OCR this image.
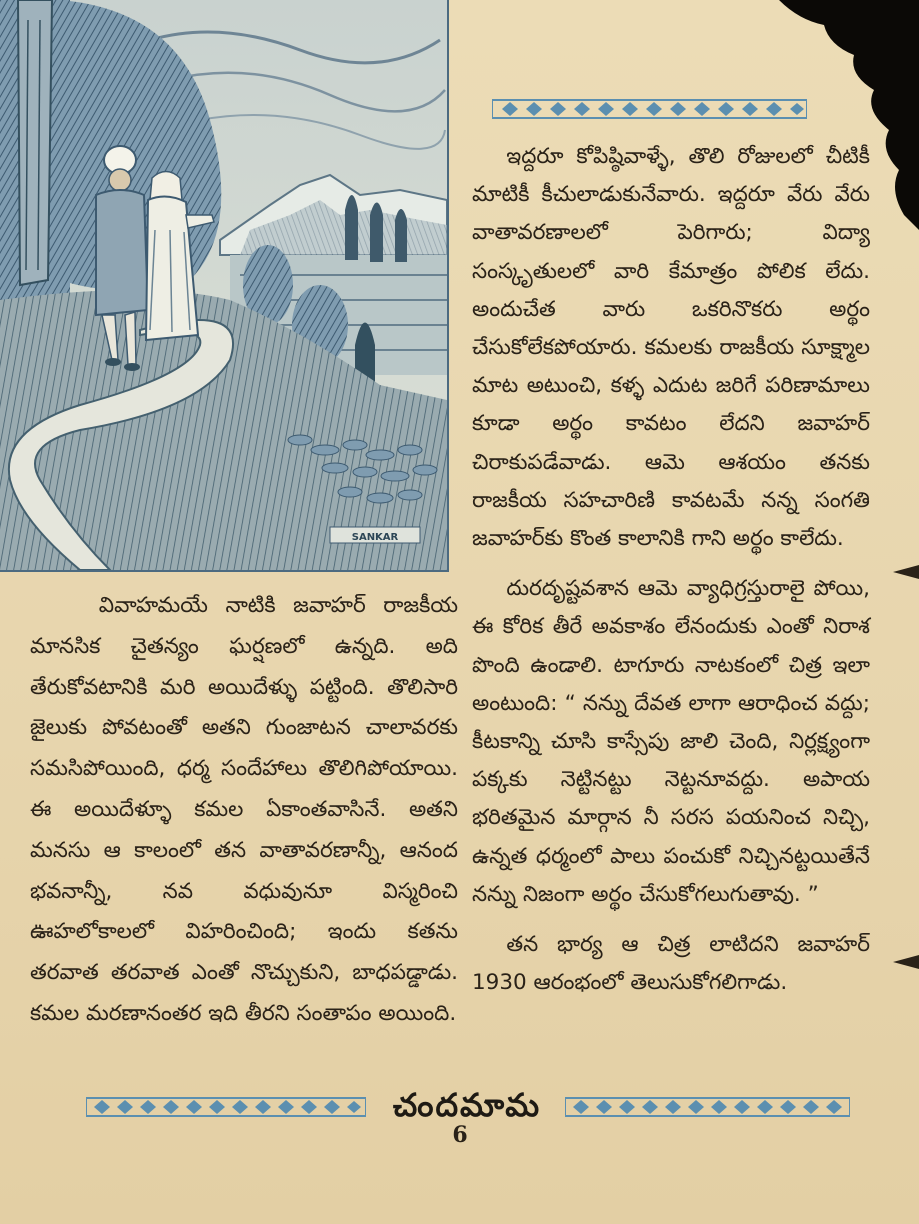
SANKAR

ఇద్దరూ కోపిష్ఠివాళ్ళే, తొలి రోజులలో చీటికీ మాటికీ కీచులాడుకునేవారు. ఇద్దరూ వేరు వేరు వాతావరణాలలో పెరిగారు; విద్యా సంస్కృతులలో వారి కేమాత్రం పోలిక లేదు. అందుచేత వారు ఒకరినొకరు అర్థం చేసుకోలేకపోయారు. కమలకు రాజకీయ సూక్ష్మాల మాట అటుంచి, కళ్ళ ఎదుట జరిగే పరిణామాలు కూడా అర్థం కావటం లేదని జవాహర్ చిరాకుపడేవాడు. ఆమె ఆశయం తనకు రాజకీయ సహచారిణి కావటమే నన్న సంగతి జవాహర్‌కు కొంత కాలానికి గాని అర్థం కాలేదు.

దురదృష్టవశాన ఆమె వ్యాధిగ్రస్తురాలై పోయి, ఈ కోరిక తీరే అవకాశం లేనందుకు ఎంతో నిరాశ పొంది ఉండాలి. టాగూరు నాటకంలో చిత్ర ఇలా అంటుంది: “ నన్ను దేవత లాగా ఆరాధించ వద్దు; కీటకాన్ని చూసి కాస్సేపు జాలి చెంది, నిర్లక్ష్యంగా పక్కకు నెట్టినట్టు నెట్టనూవద్దు. అపాయ భరితమైన మార్గాన నీ సరస పయనించ నిచ్చి, ఉన్నత ధర్మంలో పాలు పంచుకో నిచ్చినట్టయితేనే నన్ను నిజంగా అర్థం చేసుకోగలుగుతావు. ”

తన భార్య ఆ చిత్ర లాటిదని జవాహర్ 1930 ఆరంభంలో తెలుసుకోగలిగాడు.

వివాహమయే నాటికి జవాహర్ రాజకీయ మానసిక చైతన్యం ఘర్షణలో ఉన్నది. అది తేరుకోవటానికి మరి అయిదేళ్ళు పట్టింది. తొలిసారి జైలుకు పోవటంతో అతని గుంజాటన చాలావరకు సమసిపోయింది, ధర్మ సందేహాలు తొలిగిపోయాయి. ఈ అయిదేళ్ళూ కమల ఏకాంతవాసినే. అతని మనసు ఆ కాలంలో తన వాతావరణాన్నీ, ఆనంద భవనాన్నీ, నవ వధువునూ విస్మరించి ఊహలోకాలలో విహరించింది; ఇందు కతను తరవాత తరవాత ఎంతో నొచ్చుకుని, బాధపడ్డాడు. కమల మరణానంతర ఇది తీరని సంతాపం అయింది.

చందమామ
6
